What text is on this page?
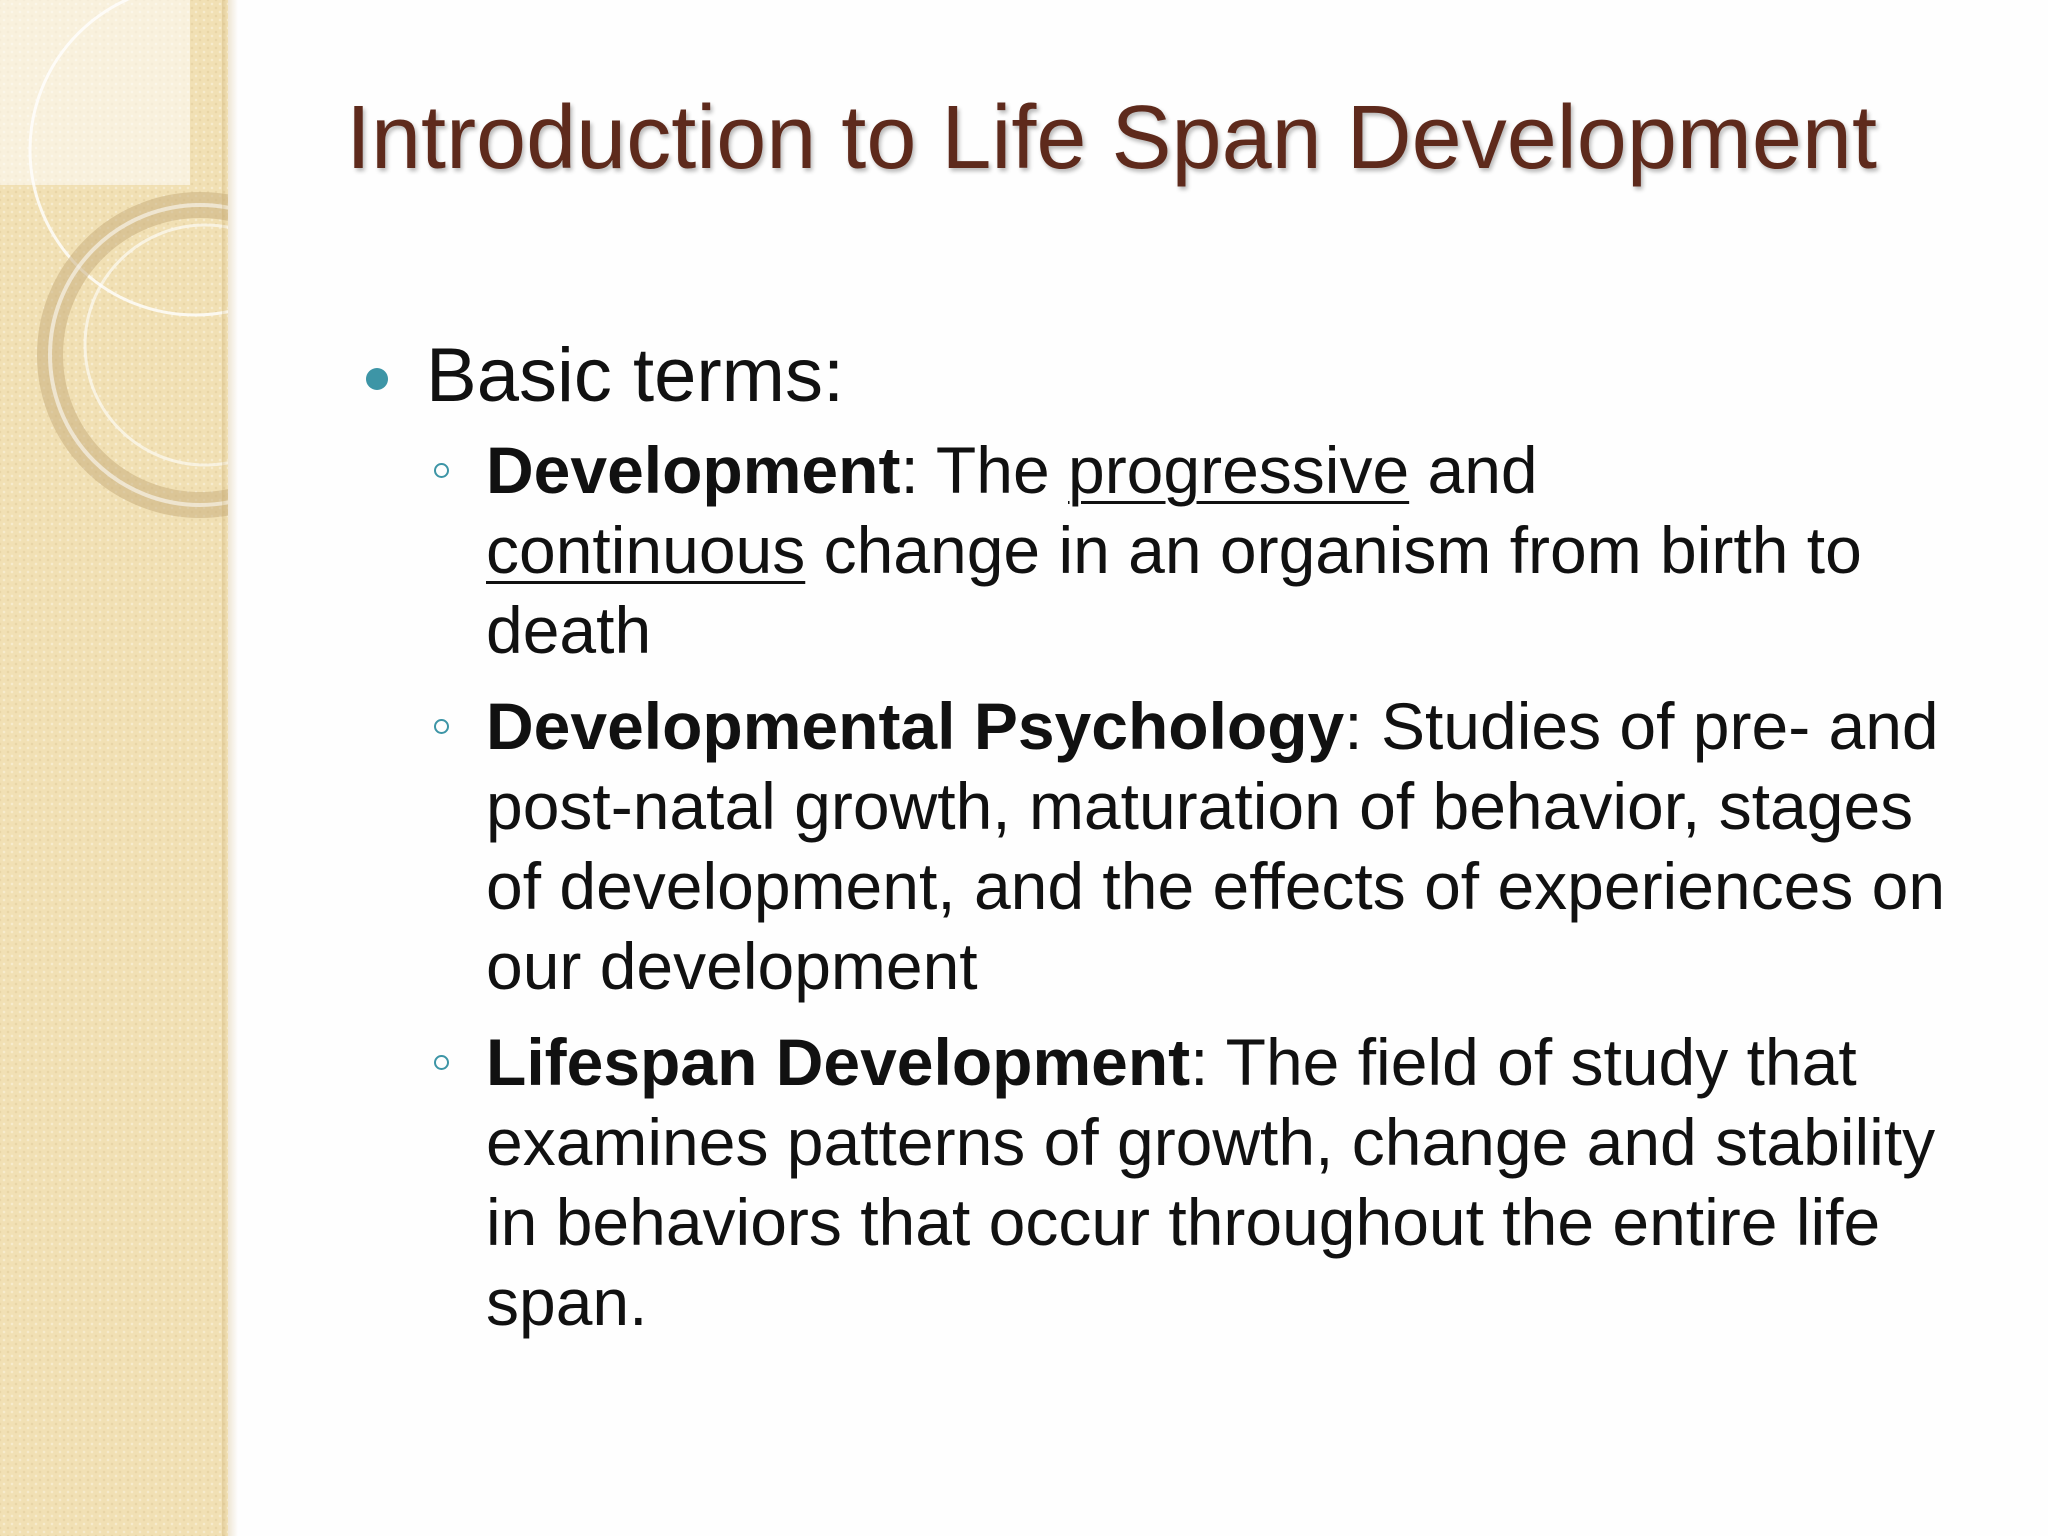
Introduction to Life Span Development
Basic terms:
Development: The progressive and
continuous change in an organism from birth to death
Developmental Psychology: Studies of pre- and post-natal growth, maturation of behavior, stages of development, and the effects of experiences on our development
Lifespan Development: The field of study that examines patterns of growth, change and stability in behaviors that occur throughout the entire life span.
